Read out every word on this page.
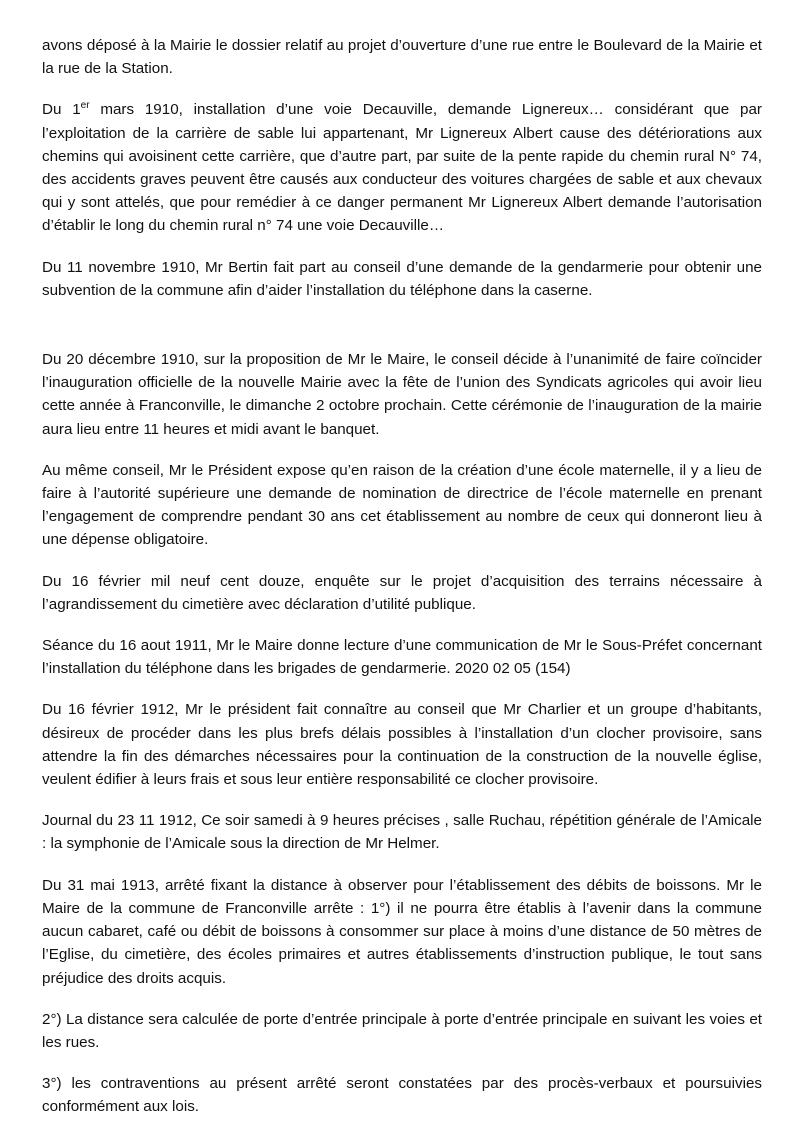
avons déposé à la Mairie le dossier relatif au projet d’ouverture d’une rue entre le Boulevard de la Mairie et la rue de la Station.

Du 1er mars 1910, installation d’une voie Decauville, demande Lignereux… considérant que par l’exploitation de la carrière de sable lui appartenant, Mr Lignereux Albert cause des détériorations aux chemins qui avoisinent cette carrière, que d’autre part, par suite de la pente rapide du chemin rural N° 74, des accidents graves peuvent être causés aux conducteur des voitures chargées de sable et aux chevaux qui y sont attelés, que pour remédier à ce danger permanent Mr Lignereux Albert demande l’autorisation d’établir le long du chemin rural n° 74 une voie Decauville…

Du 11 novembre 1910, Mr Bertin fait part au conseil d’une demande de la gendarmerie pour obtenir une subvention de la commune afin d’aider l’installation du téléphone dans la caserne.

Du 20 décembre 1910, sur la proposition de Mr le Maire, le conseil décide à l’unanimité de faire coïncider l’inauguration officielle de la nouvelle Mairie avec la fête de l’union des Syndicats agricoles qui avoir lieu cette année à Franconville, le dimanche 2 octobre prochain. Cette cérémonie de l’inauguration de la mairie aura lieu entre 11 heures et midi avant le banquet.

Au même conseil, Mr le Président expose qu’en raison de la création d’une école maternelle, il y a lieu de faire à l’autorité supérieure une demande de nomination de directrice de l’école maternelle en prenant l’engagement de comprendre pendant 30 ans cet établissement au nombre de ceux qui donneront lieu à une dépense obligatoire.

Du 16 février mil neuf cent douze, enquête sur le projet d’acquisition des terrains nécessaire à l’agrandissement du cimetière avec déclaration d’utilité publique.

Séance du 16 aout 1911, Mr le Maire donne lecture d’une communication de Mr le Sous-Préfet concernant l’installation du téléphone dans les brigades de gendarmerie. 2020 02 05 (154)

Du 16 février 1912, Mr le président fait connaître au conseil que Mr Charlier et un groupe d’habitants, désireux de procéder dans les plus brefs délais possibles à l’installation d’un clocher provisoire, sans attendre la fin des démarches nécessaires pour la continuation de la construction de la nouvelle église, veulent édifier à leurs frais et sous leur entière responsabilité ce clocher provisoire.

Journal du 23 11 1912, Ce soir samedi à 9 heures précises , salle Ruchau, répétition générale de l’Amicale : la symphonie de l’Amicale sous la direction de Mr Helmer.

Du 31 mai 1913, arrêté fixant la distance à observer pour l’établissement des débits de boissons. Mr le Maire de la commune de Franconville arrête : 1°) il ne pourra être établis à l’avenir dans la commune aucun cabaret, café ou débit de boissons à consommer sur place à moins d’une distance de 50 mètres de l’Eglise, du cimetière, des écoles primaires et autres établissements d’instruction publique, le tout sans préjudice des droits acquis.

2°) La distance sera calculée de porte d’entrée principale à porte d’entrée principale en suivant les voies et les rues.

3°) les contraventions au présent arrêté seront constatées par des procès-verbaux et poursuivies conformément aux lois.
